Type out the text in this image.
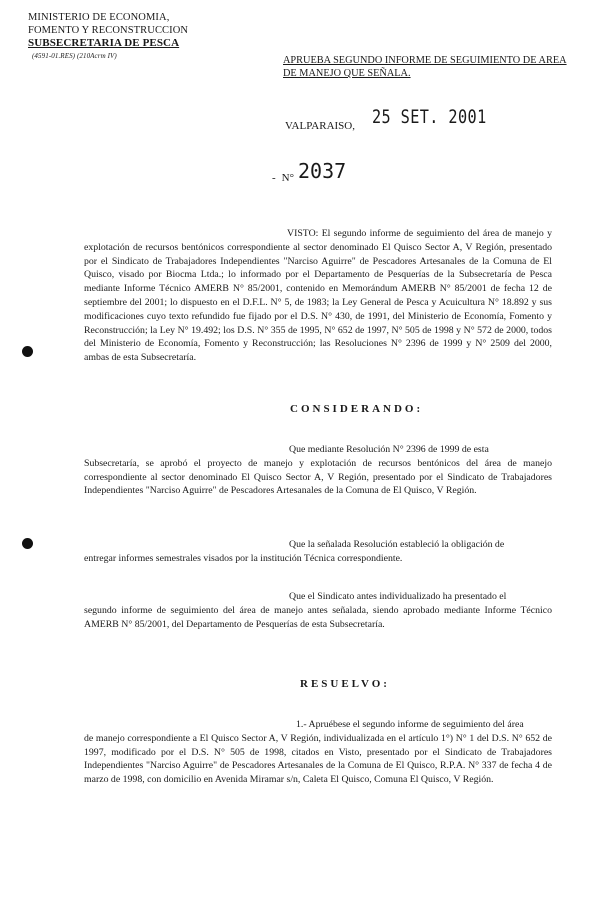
MINISTERIO DE ECONOMIA,
FOMENTO Y RECONSTRUCCION
SUBSECRETARIA DE PESCA
(4591-01.RES) (210Acrm IV)	APRUEBA SEGUNDO INFORME DE SEGUIMIENTO DE AREA DE MANEJO QUE SEÑALA.
25 SET. 2001
VALPARAISO,
- N° 2037
VISTO: El segundo informe de seguimiento del área de manejo y explotación de recursos bentónicos correspondiente al sector denominado El Quisco Sector A, V Región, presentado por el Sindicato de Trabajadores Independientes "Narciso Aguirre" de Pescadores Artesanales de la Comuna de El Quisco, visado por Biocma Ltda.; lo informado por el Departamento de Pesquerías de la Subsecretaría de Pesca mediante Informe Técnico AMERB N° 85/2001, contenido en Memorándum AMERB N° 85/2001 de fecha 12 de septiembre del 2001; lo dispuesto en el D.F.L. N° 5, de 1983; la Ley General de Pesca y Acuicultura N° 18.892 y sus modificaciones cuyo texto refundido fue fijado por el D.S. N° 430, de 1991, del Ministerio de Economía, Fomento y Reconstrucción; la Ley N° 19.492; los D.S. N° 355 de 1995, N° 652 de 1997, N° 505 de 1998 y N° 572 de 2000, todos del Ministerio de Economía, Fomento y Reconstrucción; las Resoluciones N° 2396 de 1999 y N° 2509 del 2000, ambas de esta Subsecretaría.
CONSIDERANDO:
Que mediante Resolución N° 2396 de 1999 de esta
Subsecretaría, se aprobó el proyecto de manejo y explotación de recursos bentónicos del área de manejo correspondiente al sector denominado El Quisco Sector A, V Región, presentado por el Sindicato de Trabajadores Independientes "Narciso Aguirre" de Pescadores Artesanales de la Comuna de El Quisco, V Región.
Que la señalada Resolución estableció la obligación de
entregar informes semestrales visados por la institución Técnica correspondiente.
Que el Sindicato antes individualizado ha presentado el
segundo informe de seguimiento del área de manejo antes señalada, siendo aprobado mediante Informe Técnico AMERB N° 85/2001, del Departamento de Pesquerías de esta Subsecretaría.
RESUELVO:
1.- Apruébese el segundo informe de seguimiento del área
de manejo correspondiente a El Quisco Sector A, V Región, individualizada en el artículo 1°) N° 1 del D.S. N° 652 de 1997, modificado por el D.S. N° 505 de 1998, citados en Visto, presentado por el Sindicato de Trabajadores Independientes "Narciso Aguirre" de Pescadores Artesanales de la Comuna de El Quisco, R.P.A. N° 337 de fecha 4 de marzo de 1998, con domicilio en Avenida Miramar s/n, Caleta El Quisco, Comuna El Quisco, V Región.
